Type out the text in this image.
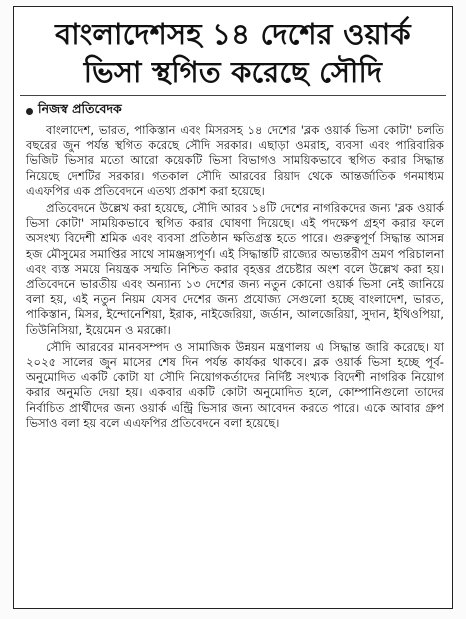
বাংলাদেশসহ ১৪ দেশের ওয়ার্ক
ভিসা স্থগিত করেছে সৌদি
নিজস্ব প্রতিবেদক

বাংলাদেশ, ভারত, পাকিস্তান এবং মিসরসহ ১৪ দেশের 'ব্লক ওয়ার্ক ভিসা কোটা' চলতি বছরের জুন পর্যন্ত স্থগিত করেছে সৌদি সরকার। এছাড়া ওমরাহ, ব্যবসা এবং পারিবারিক ভিজিট ভিসার মতো আরো কয়েকটি ভিসা বিভাগও সাময়িকভাবে স্থগিত করার সিদ্ধান্ত নিয়েছে দেশটির সরকার। গতকাল সৌদি আরবের রিয়াদ থেকে আন্তর্জাতিক গনমাধ্যম এএফপির এক প্রতিবেদনে এতথ্য প্রকাশ করা হয়েছে।

প্রতিবেদনে উল্লেখ করা হয়েছে, সৌদি আরব ১৪টি দেশের নাগরিকদের জন্য 'ব্লক ওয়ার্ক ভিসা কোটা' সাময়িকভাবে স্থগিত করার ঘোষণা দিয়েছে। এই পদক্ষেপ গ্রহণ করার ফলে অসংখ্য বিদেশী শ্রমিক এবং ব্যবসা প্রতিষ্ঠান ক্ষতিগ্রস্ত হতে পারে। গুরুত্বপূর্ণ সিদ্ধান্ত আসন্ন হজ মৌসুমের সমাপ্তির সাথে সামঞ্জস্যপূর্ণ। এই সিদ্ধান্তটি রাজ্যের অভ্যন্তরীণ ভ্রমণ পরিচালনা এবং ব্যস্ত সময়ে নিয়ন্ত্রক সম্মতি নিশ্চিত করার বৃহত্তর প্রচেষ্টার অংশ বলে উল্লেখ করা হয়। প্রতিবেদনে ভারতীয় এবং অন্যান্য ১৩ দেশের জন্য নতুন কোনো ওয়ার্ক ভিসা নেই জানিয়ে বলা হয়, এই নতুন নিয়ম যেসব দেশের জন্য প্রযোজ্য সেগুলো হচ্ছে বাংলাদেশ, ভারত, পাকিস্তান, মিসর, ইন্দোনেশিয়া, ইরাক, নাইজেরিয়া, জর্ডান, আলজেরিয়া, সুদান, ইথিওপিয়া, তিউনিসিয়া, ইয়েমেন ও মরক্কো।

সৌদি আরবের মানবসম্পদ ও সামাজিক উন্নয়ন মন্ত্রণালয় এ সিদ্ধান্ত জারি করেছে। যা ২০২৫ সালের জুন মাসের শেষ দিন পর্যন্ত কার্যকর থাকবে। ব্লক ওয়ার্ক ভিসা হচ্ছে পূর্ব-অনুমোদিত একটি কোটা যা সৌদি নিয়োগকর্তাদের নির্দিষ্ট সংখ্যক বিদেশী নাগরিক নিয়োগ করার অনুমতি দেয়া হয়। একবার একটি কোটা অনুমোদিত হলে, কোম্পানিগুলো তাদের নির্বাচিত প্রার্থীদের জন্য ওয়ার্ক এন্ট্রি ভিসার জন্য আবেদন করতে পারে। একে আবার গ্রুপ ভিসাও বলা হয় বলে এএফপির প্রতিবেদনে বলা হয়েছে।
